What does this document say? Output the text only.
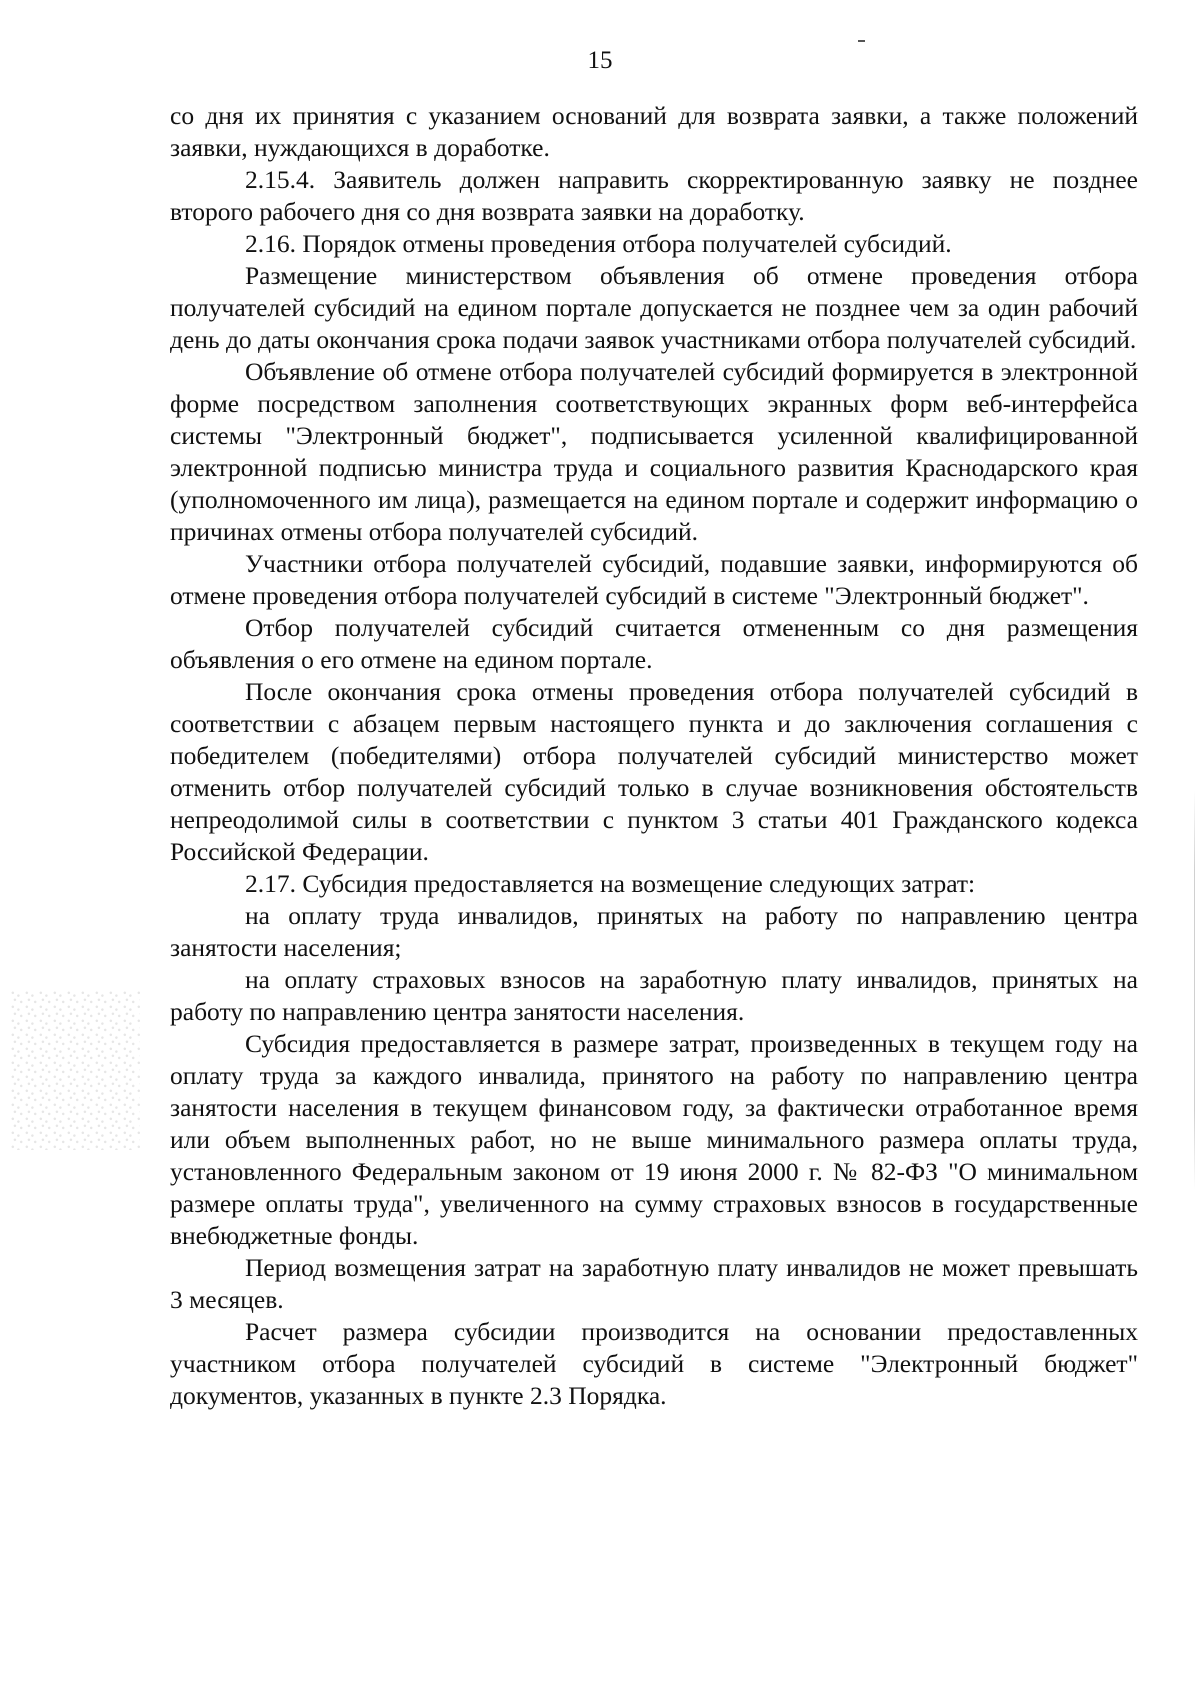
15

со дня их принятия с указанием оснований для возврата заявки, а также положений заявки, нуждающихся в доработке.

2.15.4. Заявитель должен направить скорректированную заявку не позднее второго рабочего дня со дня возврата заявки на доработку.

2.16. Порядок отмены проведения отбора получателей субсидий.

Размещение министерством объявления об отмене проведения отбора получателей субсидий на едином портале допускается не позднее чем за один рабочий день до даты окончания срока подачи заявок участниками отбора получателей субсидий.

Объявление об отмене отбора получателей субсидий формируется в электронной форме посредством заполнения соответствующих экранных форм веб-интерфейса системы "Электронный бюджет", подписывается усиленной квалифицированной электронной подписью министра труда и социального развития Краснодарского края (уполномоченного им лица), размещается на едином портале и содержит информацию о причинах отмены отбора получателей субсидий.

Участники отбора получателей субсидий, подавшие заявки, информируются об отмене проведения отбора получателей субсидий в системе "Электронный бюджет".

Отбор получателей субсидий считается отмененным со дня размещения объявления о его отмене на едином портале.

После окончания срока отмены проведения отбора получателей субсидий в соответствии с абзацем первым настоящего пункта и до заключения соглашения с победителем (победителями) отбора получателей субсидий министерство может отменить отбор получателей субсидий только в случае возникновения обстоятельств непреодолимой силы в соответствии с пунктом 3 статьи 401 Гражданского кодекса Российской Федерации.

2.17. Субсидия предоставляется на возмещение следующих затрат:

на оплату труда инвалидов, принятых на работу по направлению центра занятости населения;

на оплату страховых взносов на заработную плату инвалидов, принятых на работу по направлению центра занятости населения.

Субсидия предоставляется в размере затрат, произведенных в текущем году на оплату труда за каждого инвалида, принятого на работу по направлению центра занятости населения в текущем финансовом году, за фактически отработанное время или объем выполненных работ, но не выше минимального размера оплаты труда, установленного Федеральным законом от 19 июня 2000 г. № 82-ФЗ "О минимальном размере оплаты труда", увеличенного на сумму страховых взносов в государственные внебюджетные фонды.

Период возмещения затрат на заработную плату инвалидов не может превышать 3 месяцев.

Расчет размера субсидии производится на основании предоставленных участником отбора получателей субсидий в системе "Электронный бюджет" документов, указанных в пункте 2.3 Порядка.
